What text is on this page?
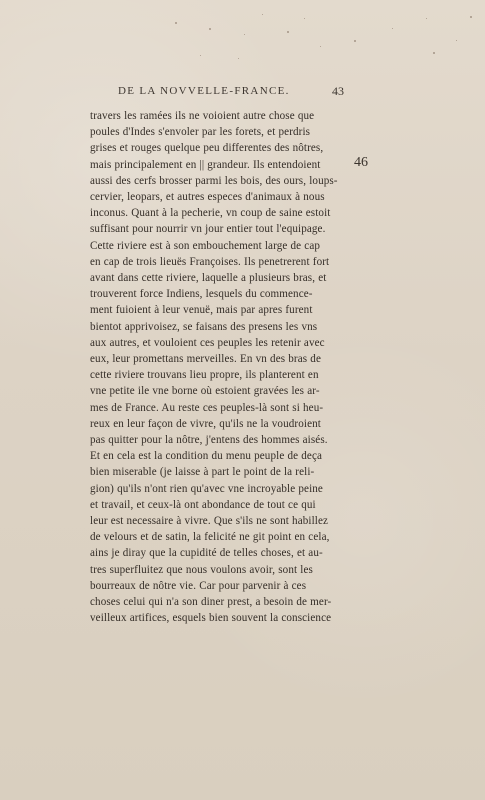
DE LA NOVVELLE-FRANCE.	43
46
travers les ramées ils ne voioient autre chose que
poules d'Indes s'envoler par les forets, et perdris
grises et rouges quelque peu differentes des nôtres,
mais principalement en || grandeur. Ils entendoient
aussi des cerfs brosser parmi les bois, des ours, loups-
cervier, leopars, et autres especes d'animaux à nous
inconus. Quant à la pecherie, vn coup de saine estoit
suffisant pour nourrir vn jour entier tout l'equipage.
Cette riviere est à son embouchement large de cap
en cap de trois lieuës Françoises. Ils penetrerent fort
avant dans cette riviere, laquelle a plusieurs bras, et
trouverent force Indiens, lesquels du commence-
ment fuioient à leur venuë, mais par apres furent
bientot apprivoisez, se faisans des presens les vns
aux autres, et vouloient ces peuples les retenir avec
eux, leur promettans merveilles. En vn des bras de
cette riviere trouvans lieu propre, ils planterent en
vne petite ile vne borne où estoient gravées les ar-
mes de France. Au reste ces peuples-là sont si heu-
reux en leur façon de vivre, qu'ils ne la voudroient
pas quitter pour la nôtre, j'entens des hommes aisés.
Et en cela est la condition du menu peuple de deça
bien miserable (je laisse à part le point de la reli-
gion) qu'ils n'ont rien qu'avec vne incroyable peine
et travail, et ceux-là ont abondance de tout ce qui
leur est necessaire à vivre. Que s'ils ne sont habillez
de velours et de satin, la felicité ne git point en cela,
ains je diray que la cupidité de telles choses, et au-
tres superfluitez que nous voulons avoir, sont les
bourreaux de nôtre vie. Car pour parvenir à ces
choses celui qui n'a son diner prest, a besoin de mer-
veilleux artifices, esquels bien souvent la conscience
